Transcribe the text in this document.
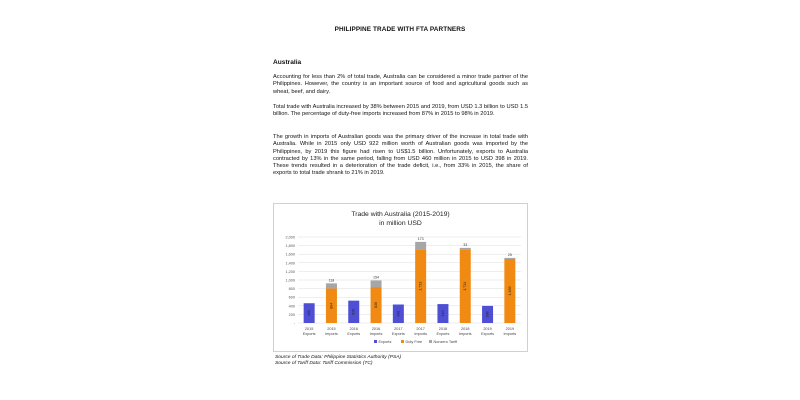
PHILIPPINE TRADE WITH FTA PARTNERS
Australia

Accounting for less than 2% of total trade, Australia can be considered a minor trade partner of the Philippines. However, the country is an important source of food and agricultural goods such as wheat, beef, and dairy.

Total trade with Australia increased by 38% between 2015 and 2019, from USD 1.3 billion to USD 1.5 billion. The percentage of duty-free imports increased from 87% in 2015 to 98% in 2019.

The growth in imports of Australian goods was the primary driver of the increase in total trade with Australia. While in 2015 only USD 922 million worth of Australian goods was imported by the Philippines, by 2019 this figure had risen to US$1.5 billion. Unfortunately, exports to Australia contracted by 13% in the same period, falling from USD 460 million in 2015 to USD 398 in 2019. These trends resulted in a deterioration of the trade deficit, i.e., from 33% in 2015, the share of exports to total trade shrank to 21% in 2019.

Trade with Australia (2015-2019)
in million USD
-
200
400
600
800
1,000
1,200
1,400
1,600
1,800
2,000
460
2015
Exports
804
118
2015
Imports
520
2016
Exports
836
154
2016
Imports
430
2017
Exports
1,713
173
2017
Imports
440
2018
Exports
1,714
33
2018
Imports
398
2019
Exports
1,489
25
2019
Imports
Exports	Duty Free	Nonzero Tariff
Source of Trade Data: Philippine Statistics Authority (PSA)
Source of Tariff Data: Tariff Commission (TC)
